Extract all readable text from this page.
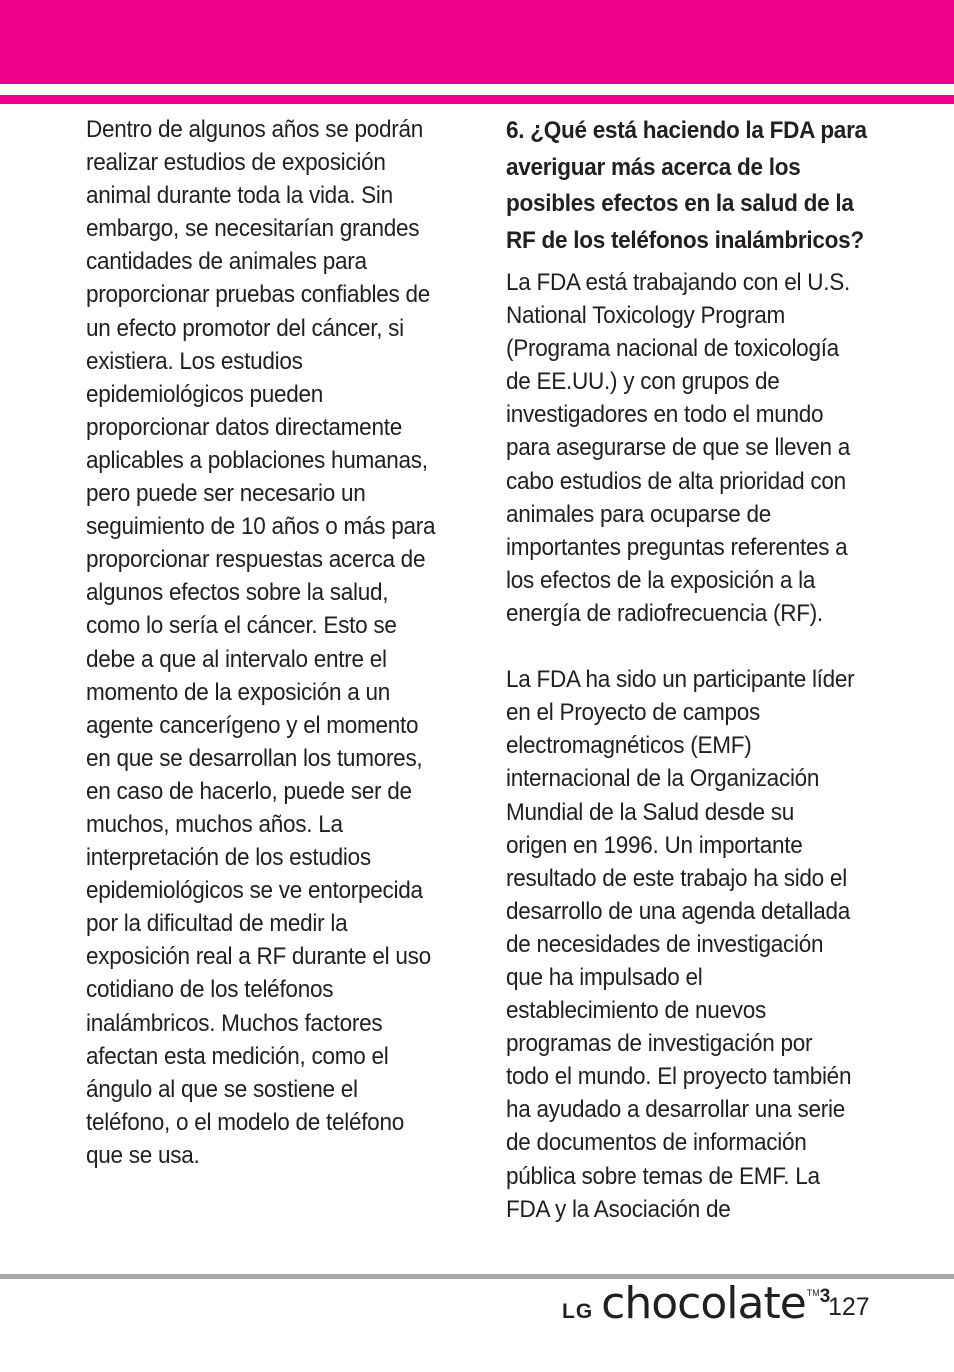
Dentro de algunos años se podrán
realizar estudios de exposición
animal durante toda la vida. Sin
embargo, se necesitarían grandes
cantidades de animales para
proporcionar pruebas confiables de
un efecto promotor del cáncer, si
existiera. Los estudios
epidemiológicos pueden
proporcionar datos directamente
aplicables a poblaciones humanas,
pero puede ser necesario un
seguimiento de 10 años o más para
proporcionar respuestas acerca de
algunos efectos sobre la salud,
como lo sería el cáncer. Esto se
debe a que al intervalo entre el
momento de la exposición a un
agente cancerígeno y el momento
en que se desarrollan los tumores,
en caso de hacerlo, puede ser de
muchos, muchos años. La
interpretación de los estudios
epidemiológicos se ve entorpecida
por la dificultad de medir la
exposición real a RF durante el uso
cotidiano de los teléfonos
inalámbricos. Muchos factores
afectan esta medición, como el
ángulo al que se sostiene el
teléfono, o el modelo de teléfono
que se usa.
6. ¿Qué está haciendo la FDA para
averiguar más acerca de los
posibles efectos en la salud de la
RF de los teléfonos inalámbricos?
La FDA está trabajando con el U.S.
National Toxicology Program
(Programa nacional de toxicología
de EE.UU.) y con grupos de
investigadores en todo el mundo
para asegurarse de que se lleven a
cabo estudios de alta prioridad con
animales para ocuparse de
importantes preguntas referentes a
los efectos de la exposición a la
energía de radiofrecuencia (RF).
La FDA ha sido un participante líder
en el Proyecto de campos
electromagnéticos (EMF)
internacional de la Organización
Mundial de la Salud desde su
origen en 1996. Un importante
resultado de este trabajo ha sido el
desarrollo de una agenda detallada
de necesidades de investigación
que ha impulsado el
establecimiento de nuevos
programas de investigación por
todo el mundo. El proyecto también
ha ayudado a desarrollar una serie
de documentos de información
pública sobre temas de EMF. La
FDA y la Asociación de
LG chocolateTM3
127
